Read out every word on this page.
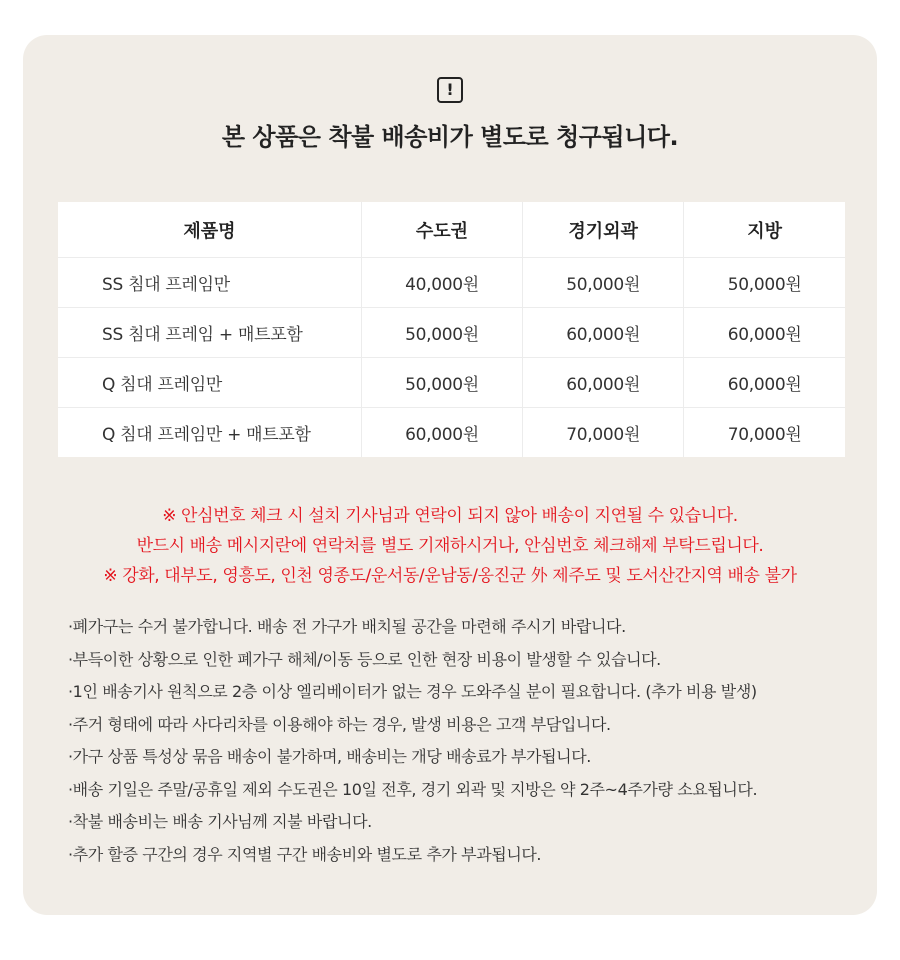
!
본 상품은 착불 배송비가 별도로 청구됩니다.
제품명	수도권	경기외곽	지방
SS 침대 프레임만	40,000원	50,000원	50,000원
SS 침대 프레임 + 매트포함	50,000원	60,000원	60,000원
Q 침대 프레임만	50,000원	60,000원	60,000원
Q 침대 프레임만 + 매트포함	60,000원	70,000원	70,000원
※ 안심번호 체크 시 설치 기사님과 연락이 되지 않아 배송이 지연될 수 있습니다.
반드시 배송 메시지란에 연락처를 별도 기재하시거나, 안심번호 체크해제 부탁드립니다.
※ 강화, 대부도, 영흥도, 인천 영종도/운서동/운남동/옹진군 外 제주도 및 도서산간지역 배송 불가
·폐가구는 수거 불가합니다. 배송 전 가구가 배치될 공간을 마련해 주시기 바랍니다.
·부득이한 상황으로 인한 폐가구 해체/이동 등으로 인한 현장 비용이 발생할 수 있습니다.
·1인 배송기사 원칙으로 2층 이상 엘리베이터가 없는 경우 도와주실 분이 필요합니다. (추가 비용 발생)
·주거 형태에 따라 사다리차를 이용해야 하는 경우, 발생 비용은 고객 부담입니다.
·가구 상품 특성상 묶음 배송이 불가하며, 배송비는 개당 배송료가 부가됩니다.
·배송 기일은 주말/공휴일 제외 수도권은 10일 전후, 경기 외곽 및 지방은 약 2주~4주가량 소요됩니다.
·착불 배송비는 배송 기사님께 지불 바랍니다.
·추가 할증 구간의 경우 지역별 구간 배송비와 별도로 추가 부과됩니다.
